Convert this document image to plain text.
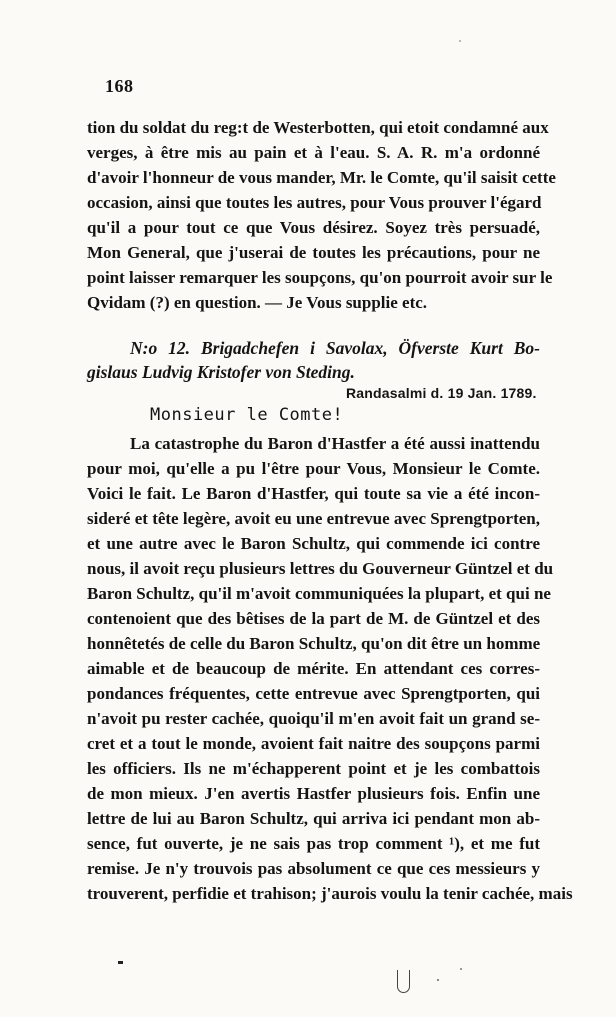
168
tion du soldat du reg:t de Westerbotten, qui etoit condamné aux
verges, à être mis au pain et à l'eau. S. A. R. m'a ordonné
d'avoir l'honneur de vous mander, Mr. le Comte, qu'il saisit cette
occasion, ainsi que toutes les autres, pour Vous prouver l'égard
qu'il a pour tout ce que Vous désirez. Soyez très persuadé,
Mon General, que j'userai de toutes les précautions, pour ne
point laisser remarquer les soupçons, qu'on pourroit avoir sur le
Qvidam (?) en question. — Je Vous supplie etc.
N:o 12. Brigadchefen i Savolax, Öfverste Kurt Bo-
gislaus Ludvig Kristofer von Steding.
Randasalmi d. 19 Jan. 1789.
Monsieur le Comte!
La catastrophe du Baron d'Hastfer a été aussi inattendu
pour moi, qu'elle a pu l'être pour Vous, Monsieur le Comte.
Voici le fait. Le Baron d'Hastfer, qui toute sa vie a été incon-
sideré et tête legère, avoit eu une entrevue avec Sprengtporten,
et une autre avec le Baron Schultz, qui commende ici contre
nous, il avoit reçu plusieurs lettres du Gouverneur Güntzel et du
Baron Schultz, qu'il m'avoit communiquées la plupart, et qui ne
contenoient que des bêtises de la part de M. de Güntzel et des
honnêtetés de celle du Baron Schultz, qu'on dit être un homme
aimable et de beaucoup de mérite. En attendant ces corres-
pondances fréquentes, cette entrevue avec Sprengtporten, qui
n'avoit pu rester cachée, quoiqu'il m'en avoit fait un grand se-
cret et a tout le monde, avoient fait naitre des soupçons parmi
les officiers. Ils ne m'échapperent point et je les combattois
de mon mieux. J'en avertis Hastfer plusieurs fois. Enfin une
lettre de lui au Baron Schultz, qui arriva ici pendant mon ab-
sence, fut ouverte, je ne sais pas trop comment ¹), et me fut
remise. Je n'y trouvois pas absolument ce que ces messieurs y
trouverent, perfidie et trahison; j'aurois voulu la tenir cachée, mais
